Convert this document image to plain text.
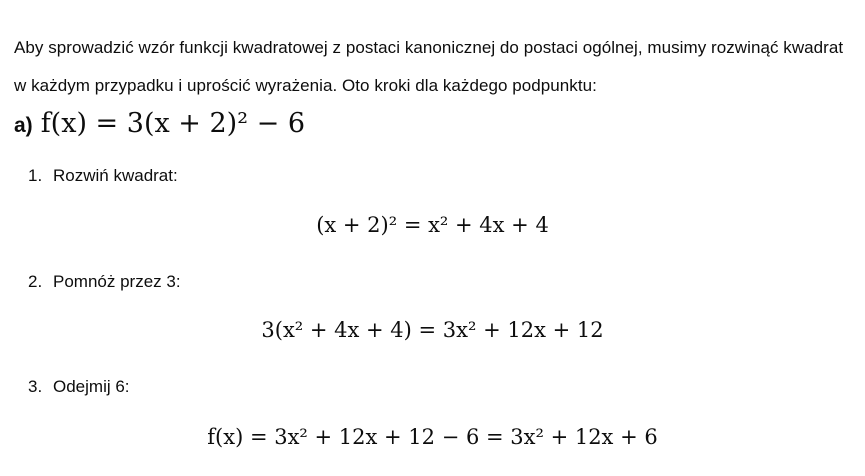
Aby sprowadzić wzór funkcji kwadratowej z postaci kanonicznej do postaci ogólnej, musimy rozwinąć kwadrat w każdym przypadku i uprościć wyrażenia. Oto kroki dla każdego podpunktu:

a) f(x) = 3(x + 2)² − 6
1. Rozwiń kwadrat:
(x + 2)² = x² + 4x + 4
2. Pomnóż przez 3:
3(x² + 4x + 4) = 3x² + 12x + 12
3. Odejmij 6:
f(x) = 3x² + 12x + 12 − 6 = 3x² + 12x + 6
